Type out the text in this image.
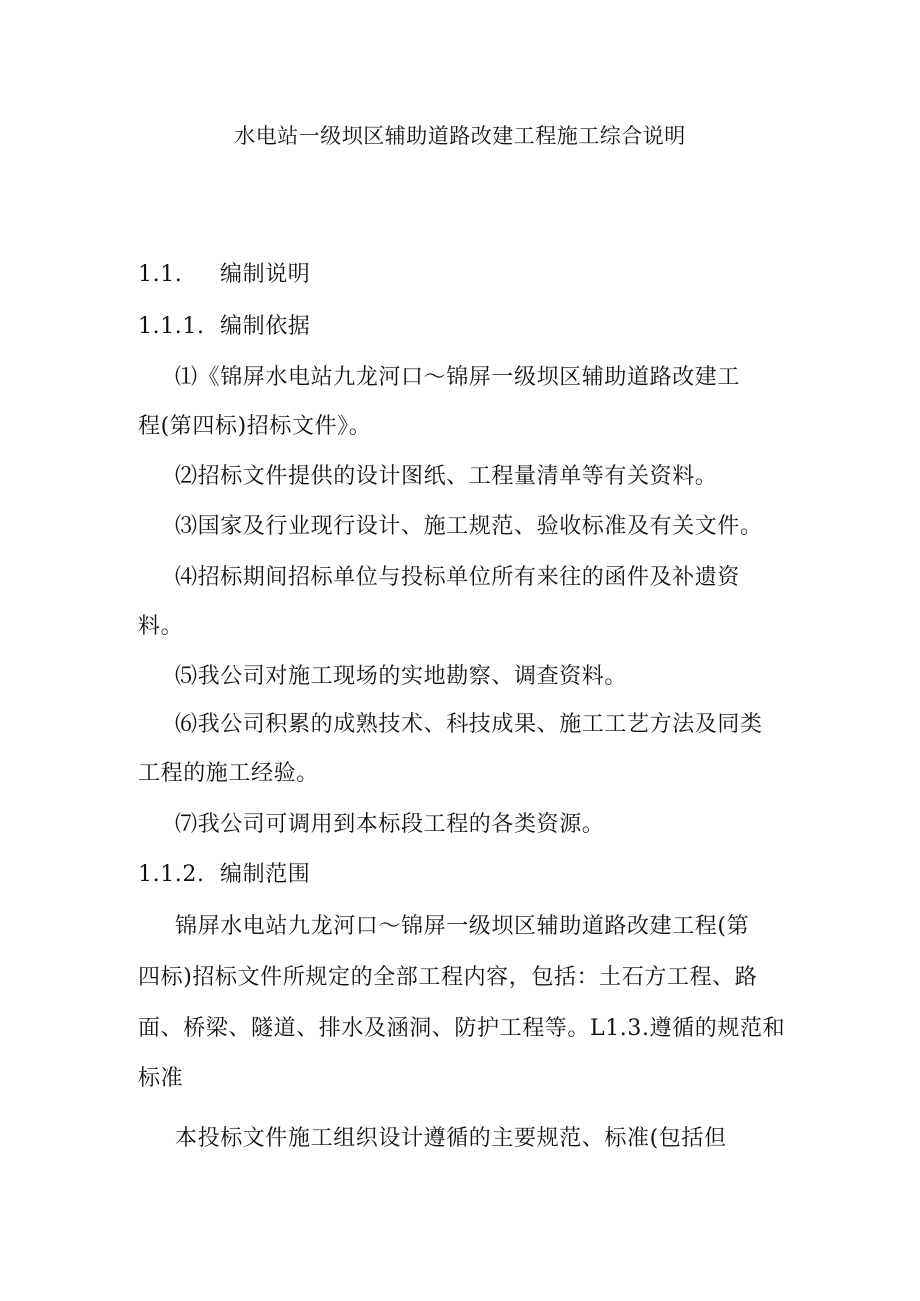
水电站一级坝区辅助道路改建工程施工综合说明
1.1. 编制说明
1.1.1. 编制依据
⑴《锦屏水电站九龙河口～锦屏一级坝区辅助道路改建工
程(第四标)招标文件》。
⑵招标文件提供的设计图纸、工程量清单等有关资料。
⑶国家及行业现行设计、施工规范、验收标准及有关文件。
⑷招标期间招标单位与投标单位所有来往的函件及补遗资
料。
⑸我公司对施工现场的实地勘察、调查资料。
⑹我公司积累的成熟技术、科技成果、施工工艺方法及同类
工程的施工经验。
⑺我公司可调用到本标段工程的各类资源。
1.1.2. 编制范围
锦屏水电站九龙河口～锦屏一级坝区辅助道路改建工程(第
四标)招标文件所规定的全部工程内容，包括：土石方工程、路
面、桥梁、隧道、排水及涵洞、防护工程等。L1.3.遵循的规范和
标准
本投标文件施工组织设计遵循的主要规范、标准(包括但
